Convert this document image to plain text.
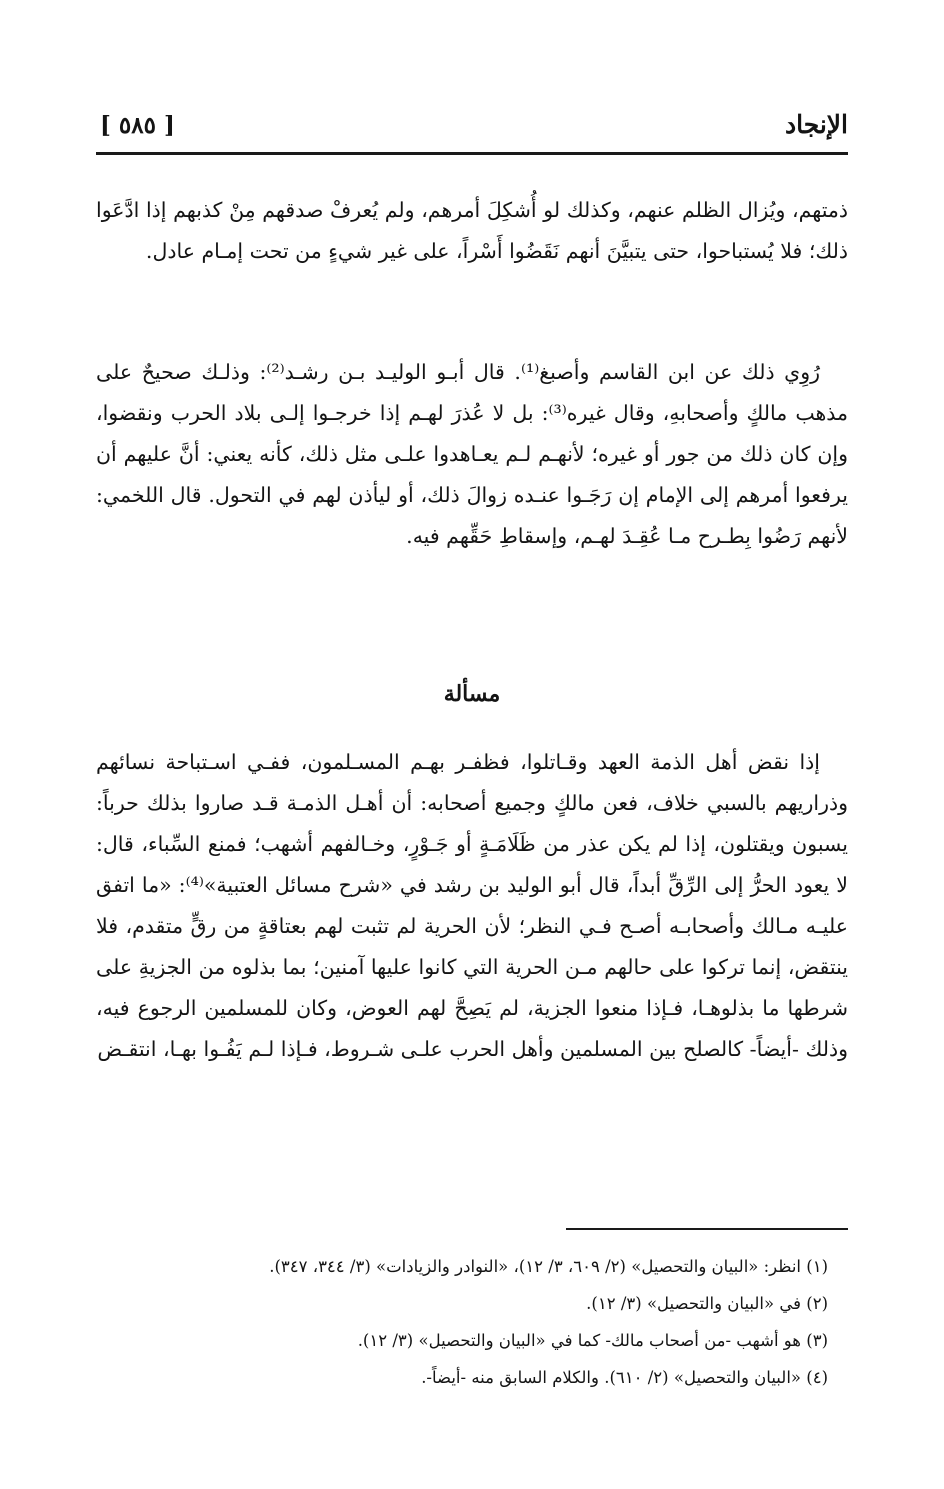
الإنجاد
[ ٥٨٥ ]

ذمتهم، ويُزال الظلم عنهم، وكذلك لو أُشكِلَ أمرهم، ولم يُعرفْ صدقهم مِنْ كذبهم إذا ادَّعَوا ذلك؛ فلا يُستباحوا، حتى يتبيَّنَ أنهم نَقَضُوا أَسْراً، على غير شيءٍ من تحت إمـام عادل.

رُوِي ذلك عن ابن القاسم وأصبغ⁽¹⁾. قال أبـو الوليـد بـن رشـد⁽²⁾: وذلـك صحيحٌ على مذهب مالكٍ وأصحابهِ، وقال غيره⁽³⁾: بل لا عُذرَ لهـم إذا خرجـوا إلـى بلاد الحرب ونقضوا، وإن كان ذلك من جور أو غيره؛ لأنهـم لـم يعـاهدوا علـى مثل ذلك، كأنه يعني: أنَّ عليهم أن يرفعوا أمرهم إلى الإمام إن رَجَـوا عنـده زوالَ ذلك، أو ليأذن لهم في التحول. قال اللخمي: لأنهم رَضُوا بِطـرح مـا عُقِـدَ لهـم، وإسقاطِ حَقِّهم فيه.

مسألة

إذا نقض أهل الذمة العهد وقـاتلوا، فظفـر بهـم المسـلمون، ففـي اسـتباحة نسائهم وذراريهم بالسبي خلاف، فعن مالكٍ وجميع أصحابه: أن أهـل الذمـة قـد صاروا بذلك حرباً: يسبون ويقتلون، إذا لم يكن عذر من ظَلَامَـةٍ أو جَـوْرٍ، وخـالفهم أشهب؛ فمنع السِّباء، قال: لا يعود الحرُّ إلى الرِّقِّ أبداً، قال أبو الوليد بن رشد في «شرح مسائل العتبية»⁽⁴⁾: «ما اتفق عليـه مـالك وأصحابـه أصـح فـي النظر؛ لأن الحرية لم تثبت لهم بعتاقةٍ من رقٍّ متقدم، فلا ينتقض، إنما تركوا على حالهم مـن الحرية التي كانوا عليها آمنين؛ بما بذلوه من الجزيةِ على شرطها ما بذلوهـا، فـإذا منعوا الجزية، لم يَصِحَّ لهم العوض، وكان للمسلمين الرجوع فيه، وذلك -أيضاً- كالصلح بين المسلمين وأهل الحرب علـى شـروط، فـإذا لـم يَفُـوا بهـا، انتقـض

(١) انظر: «البيان والتحصيل» (٢/ ٦٠٩، ٣/ ١٢)، «النوادر والزيادات» (٣/ ٣٤٤، ٣٤٧).
(٢) في «البيان والتحصيل» (٣/ ١٢).
(٣) هو أشهب -من أصحاب مالك- كما في «البيان والتحصيل» (٣/ ١٢).
(٤) «البيان والتحصيل» (٢/ ٦١٠). والكلام السابق منه -أيضاً-.
